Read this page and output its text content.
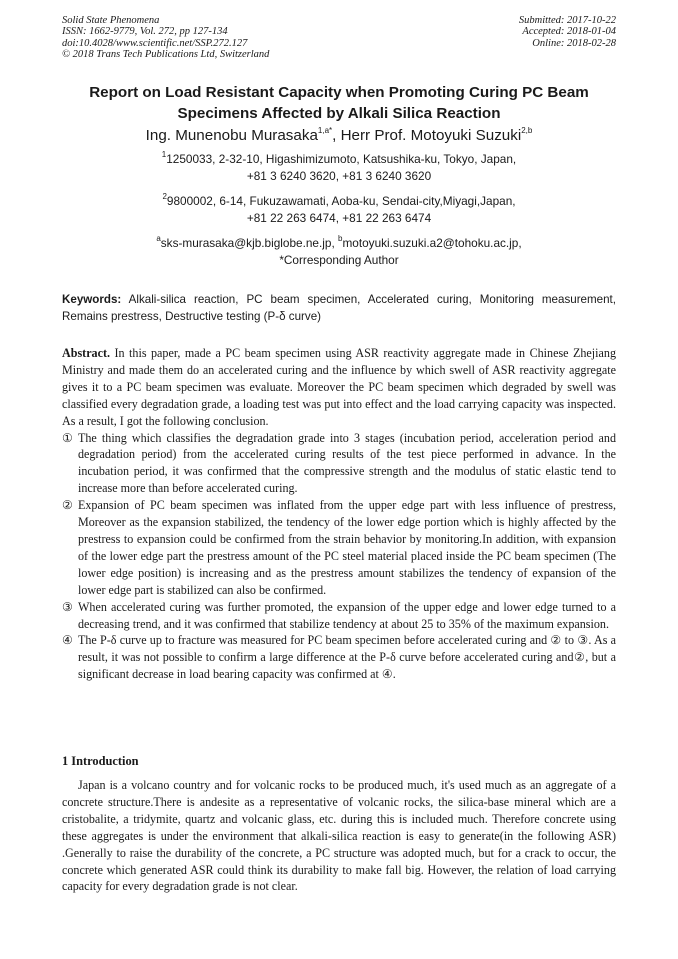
Solid State Phenomena
ISSN: 1662-9779, Vol. 272, pp 127-134
doi:10.4028/www.scientific.net/SSP.272.127
© 2018 Trans Tech Publications Ltd, Switzerland
Submitted: 2017-10-22
Accepted: 2018-01-04
Online: 2018-02-28
Report on Load Resistant Capacity when Promoting Curing PC Beam Specimens Affected by Alkali Silica Reaction
Ing. Munenobu Murasaka$^{1,a*}$, Herr Prof. Motoyuki Suzuki$^{2,b}$
$^1$1250033, 2-32-10, Higashimizumoto, Katsushika-ku, Tokyo, Japan,
+81 3 6240 3620, +81 3 6240 3620
$^2$9800002, 6-14, Fukuzawamati, Aoba-ku, Sendai-city,Miyagi,Japan,
+81 22 263 6474, +81 22 263 6474
$^a$sks-murasaka@kjb.biglobe.ne.jp, $^b$motoyuki.suzuki.a2@tohoku.ac.jp,
*Corresponding Author
Keywords: Alkali-silica reaction, PC beam specimen, Accelerated curing, Monitoring measurement, Remains prestress, Destructive testing (P-δ curve)

Abstract. In this paper, made a PC beam specimen using ASR reactivity aggregate made in Chinese Zhejiang Ministry and made them do an accelerated curing and the influence by which swell of ASR reactivity aggregate gives it to a PC beam specimen was evaluate. Moreover the PC beam specimen which degraded by swell was classified every degradation grade, a loading test was put into effect and the load carrying capacity was inspected. As a result, I got the following conclusion.

① The thing which classifies the degradation grade into 3 stages (incubation period, acceleration period and degradation period) from the accelerated curing results of the test piece performed in advance. In the incubation period, it was confirmed that the compressive strength and the modulus of static elastic tend to increase more than before accelerated curing.

② Expansion of PC beam specimen was inflated from the upper edge part with less influence of prestress, Moreover as the expansion stabilized, the tendency of the lower edge portion which is highly affected by the prestress to expansion could be confirmed from the strain behavior by monitoring.In addition, with expansion of the lower edge part the prestress amount of the PC steel material placed inside the PC beam specimen (The lower edge position) is increasing and as the prestress amount stabilizes the tendency of expansion of the lower edge part is stabilized can also be confirmed.

③ When accelerated curing was further promoted, the expansion of the upper edge and lower edge turned to a decreasing trend, and it was confirmed that stabilize tendency at about 25 to 35% of the maximum expansion.

④ The P-δ curve up to fracture was measured for PC beam specimen before accelerated curing and ② to ③. As a result, it was not possible to confirm a large difference at the P-δ curve before accelerated curing and②, but a significant decrease in load bearing capacity was confirmed at ④.

1 Introduction

Japan is a volcano country and for volcanic rocks to be produced much, it's used much as an aggregate of a concrete structure.There is andesite as a representative of volcanic rocks, the silica-base mineral which are a cristobalite, a tridymite, quartz and volcanic glass, etc. during this is included much. Therefore concrete using these aggregates is under the environment that alkali-silica reaction is easy to generate(in the following ASR) .Generally to raise the durability of the concrete, a PC structure was adopted much, but for a crack to occur, the concrete which generated ASR could think its durability to make fall big. However, the relation of load carrying capacity for every degradation grade is not clear.
